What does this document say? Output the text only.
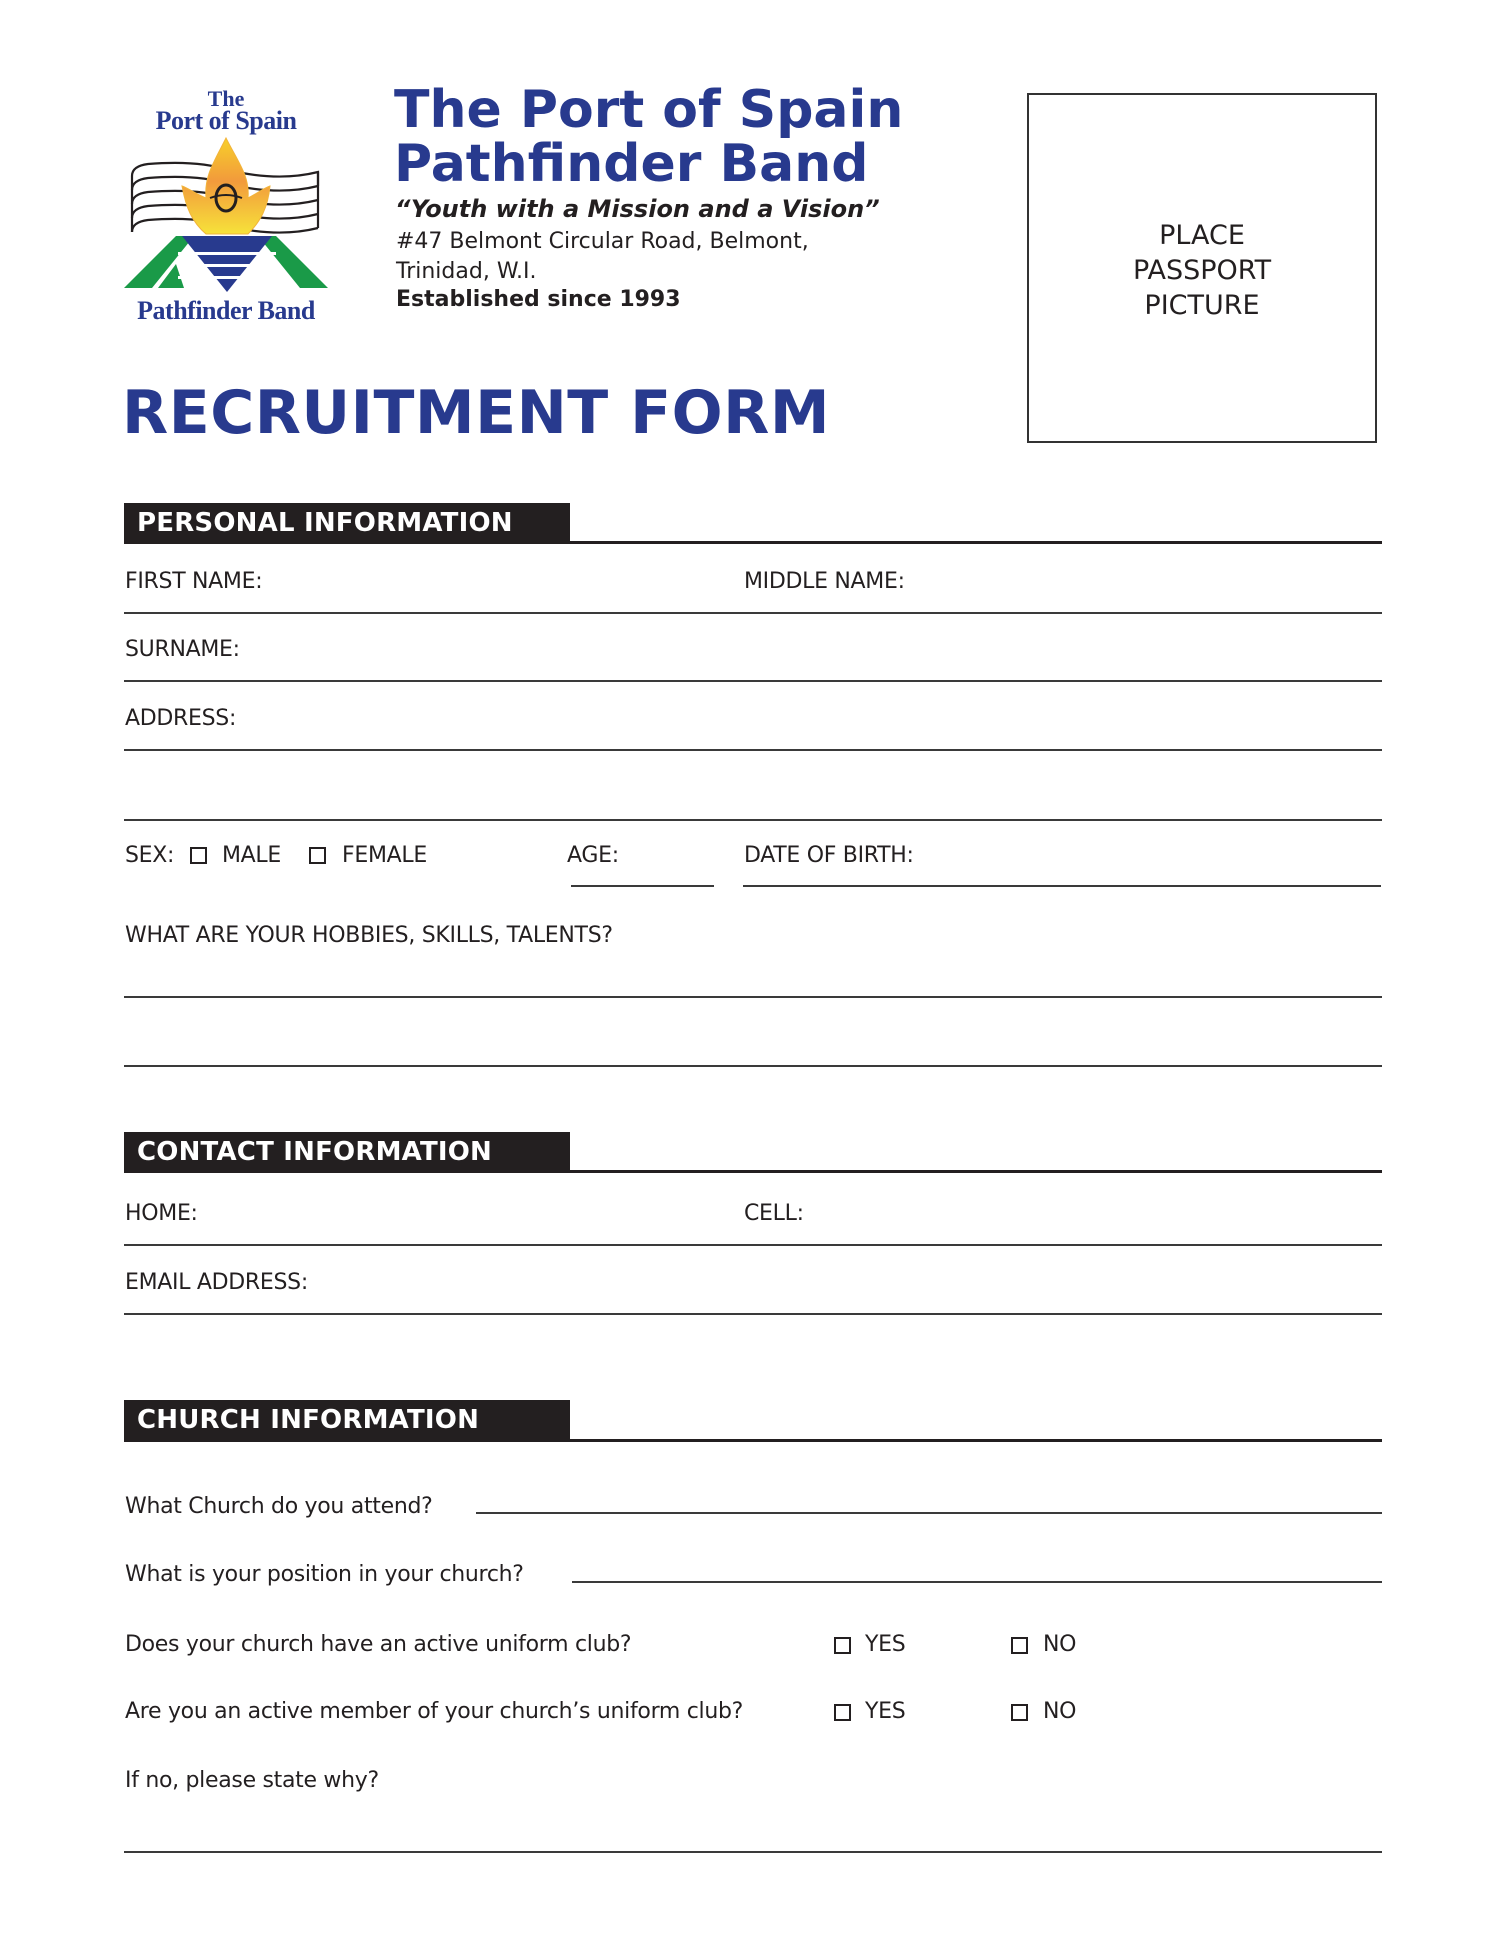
The
Port of Spain
Pathfinder Band
The Port of Spain
Pathfinder Band
“Youth with a Mission and a Vision”
#47 Belmont Circular Road, Belmont,
Trinidad, W.I.
Established since 1993
PLACE
PASSPORT
PICTURE
RECRUITMENT FORM
PERSONAL INFORMATION
FIRST NAME:	MIDDLE NAME:
SURNAME:
ADDRESS:
SEX: MALE	FEMALE	AGE:	DATE OF BIRTH:
WHAT ARE YOUR HOBBIES, SKILLS, TALENTS?
CONTACT INFORMATION
HOME:	CELL:
EMAIL ADDRESS:
CHURCH INFORMATION
What Church do you attend?
What is your position in your church?
Does your church have an active uniform club?	YES	NO
Are you an active member of your church’s uniform club?	YES	NO
If no, please state why?
